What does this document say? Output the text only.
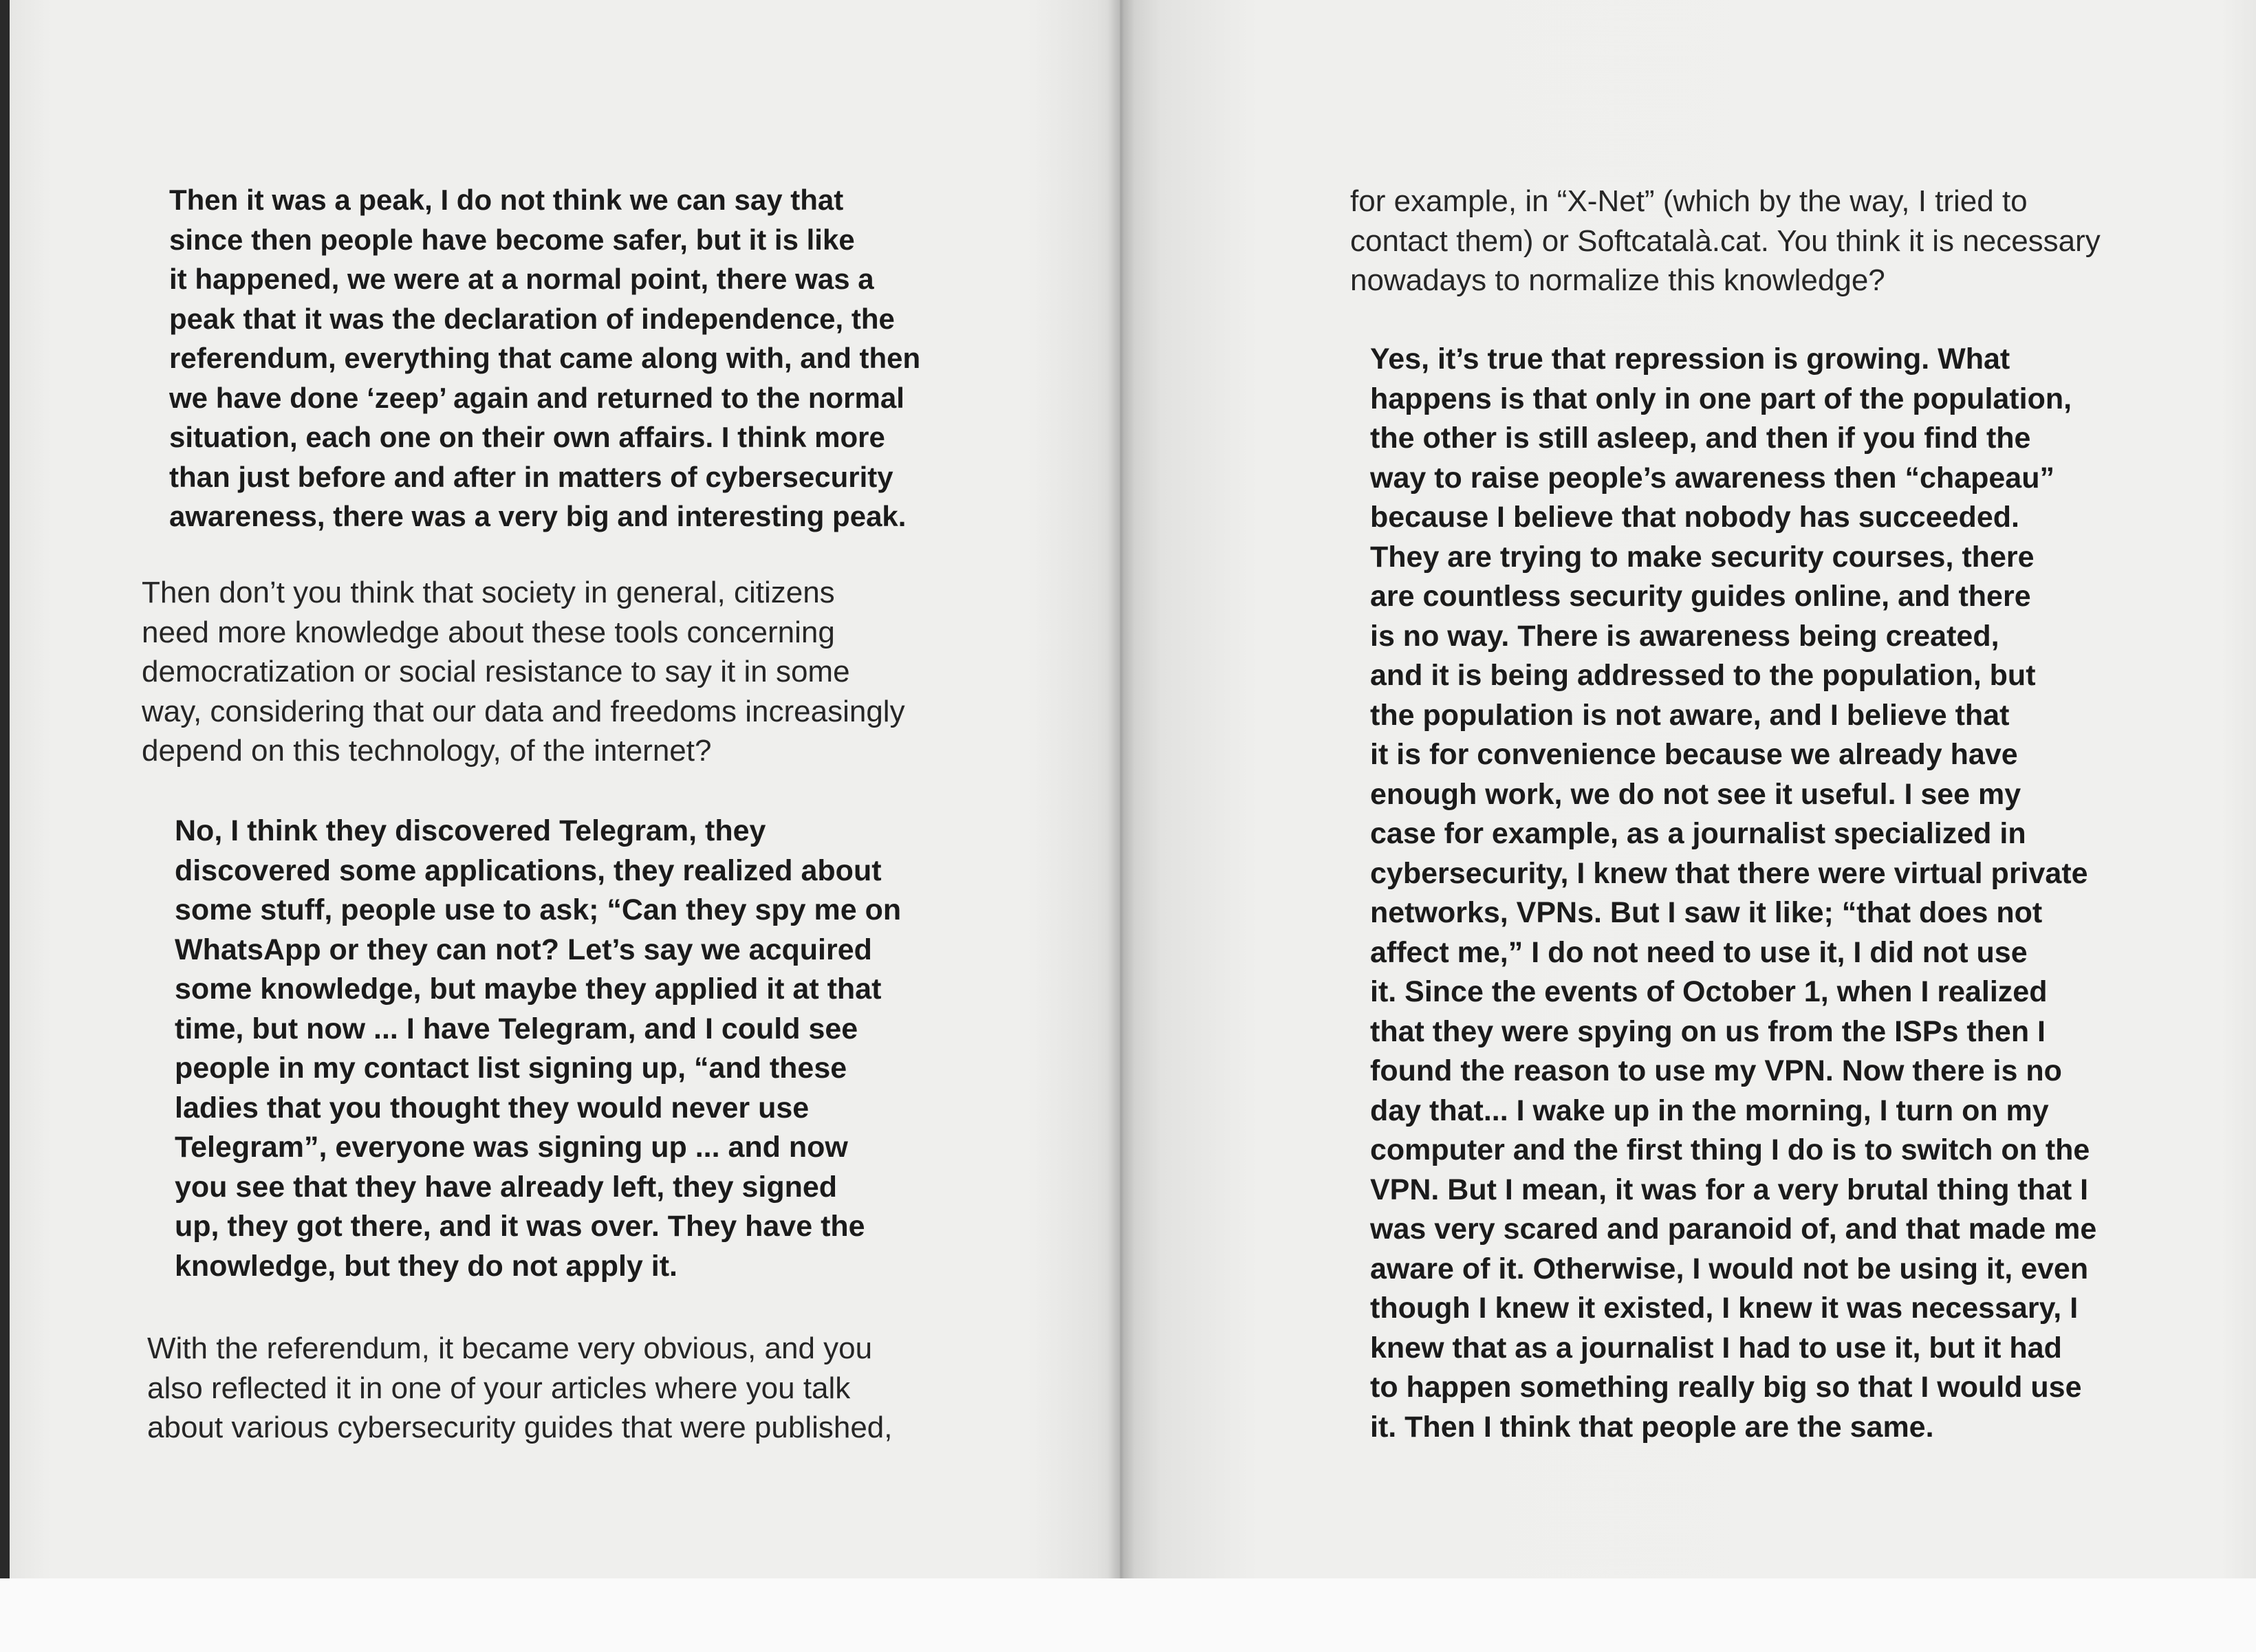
Then it was a peak, I do not think we can say that
since then people have become safer, but it is like
it happened, we were at a normal point, there was a
peak that it was the declaration of independence, the
referendum, everything that came along with, and then
we have done ‘zeep’ again and returned to the normal
situation, each one on their own affairs. I think more
than just before and after in matters of cybersecurity
awareness, there was a very big and interesting peak.
Then don’t you think that society in general, citizens
need more knowledge about these tools concerning
democratization or social resistance to say it in some
way, considering that our data and freedoms increasingly
depend on this technology, of the internet?
No, I think they discovered Telegram, they
discovered some applications, they realized about
some stuff, people use to ask; “Can they spy me on
WhatsApp or they can not? Let’s say we acquired
some knowledge, but maybe they applied it at that
time, but now ... I have Telegram, and I could see
people in my contact list signing up, “and these
ladies that you thought they would never use
Telegram”, everyone was signing up ... and now
you see that they have already left, they signed
up, they got there, and it was over. They have the
knowledge, but they do not apply it.
With the referendum, it became very obvious, and you
also reflected it in one of your articles where you talk
about various cybersecurity guides that were published,
for example, in “X-Net” (which by the way, I tried to
contact them) or Softcatalà.cat. You think it is necessary
nowadays to normalize this knowledge?
Yes, it’s true that repression is growing. What
happens is that only in one part of the population,
the other is still asleep, and then if you find the
way to raise people’s awareness then “chapeau”
because I believe that nobody has succeeded.
They are trying to make security courses, there
are countless security guides online, and there
is no way. There is awareness being created,
and it is being addressed to the population, but
the population is not aware, and I believe that
it is for convenience because we already have
enough work, we do not see it useful. I see my
case for example, as a journalist specialized in
cybersecurity, I knew that there were virtual private
networks, VPNs. But I saw it like; “that does not
affect me,” I do not need to use it, I did not use
it. Since the events of October 1, when I realized
that they were spying on us from the ISPs then I
found the reason to use my VPN. Now there is no
day that... I wake up in the morning, I turn on my
computer and the first thing I do is to switch on the
VPN. But I mean, it was for a very brutal thing that I
was very scared and paranoid of, and that made me
aware of it. Otherwise, I would not be using it, even
though I knew it existed, I knew it was necessary, I
knew that as a journalist I had to use it, but it had
to happen something really big so that I would use
it. Then I think that people are the same.
